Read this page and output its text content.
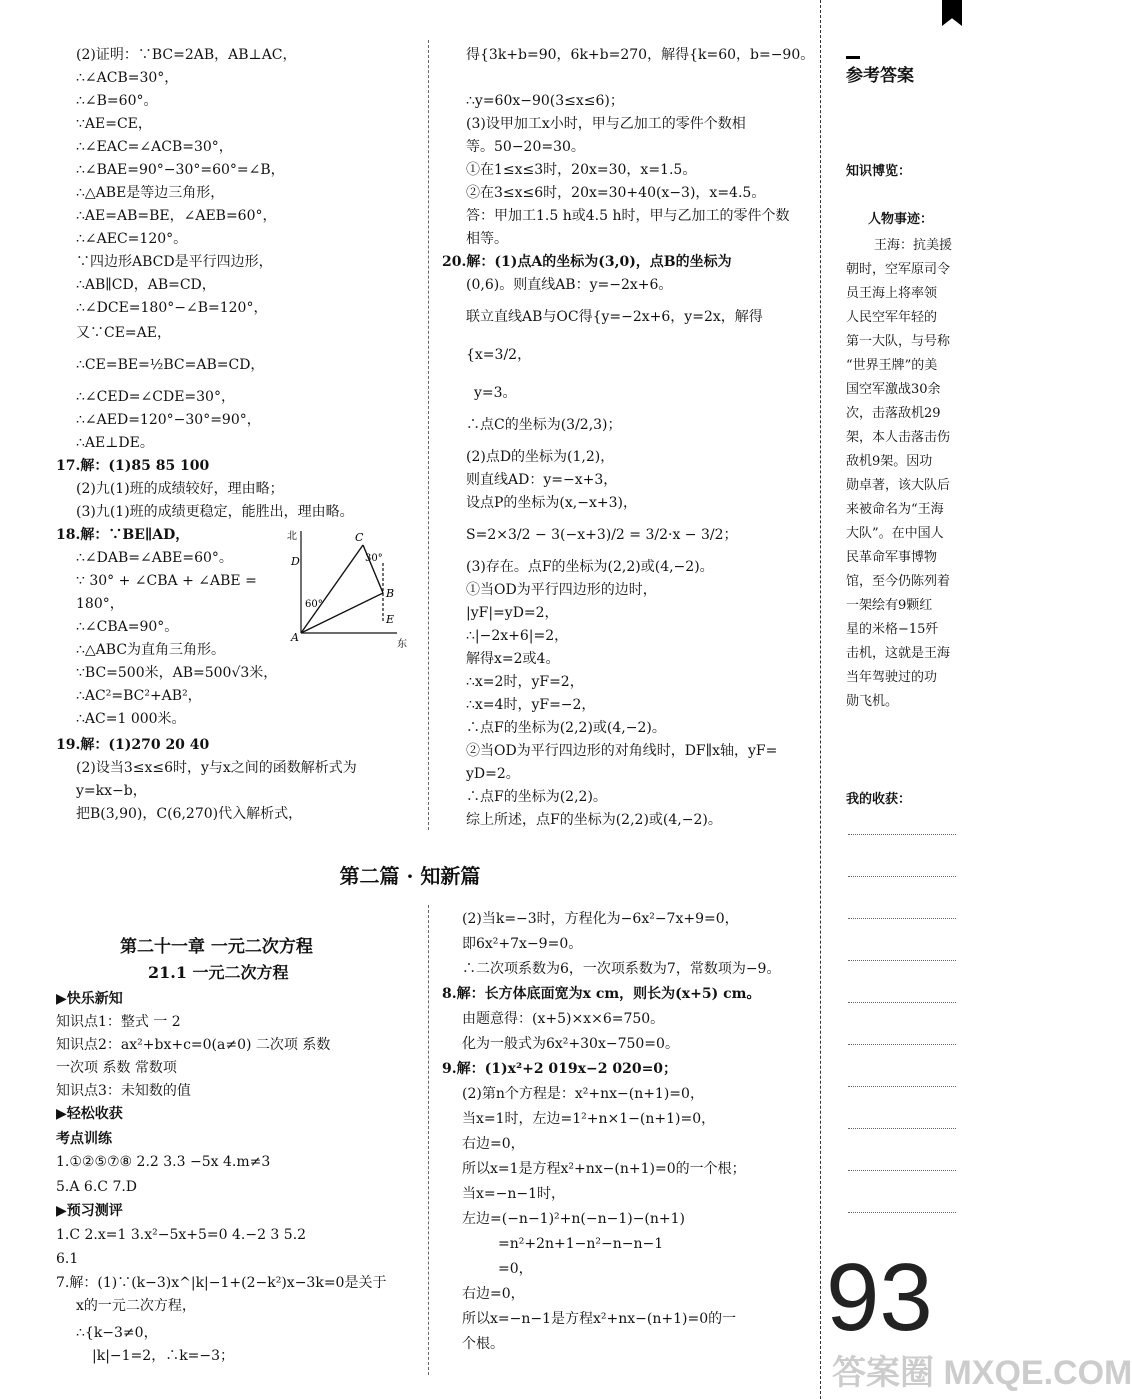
(2)证明：∵BC=2AB，AB⊥AC，
∴∠ACB=30°，
∴∠B=60°。
∵AE=CE，
∴∠EAC=∠ACB=30°，
∴∠BAE=90°−30°=60°=∠B，
∴△ABE是等边三角形，
∴AE=AB=BE，∠AEB=60°，
∴∠AEC=120°。
∵四边形ABCD是平行四边形，
∴AB∥CD，AB=CD，
∴∠DCE=180°−∠B=120°，
又∵CE=AE，
∴CE=BE=½BC=AB=CD，
∴∠CED=∠CDE=30°，
∴∠AED=120°−30°=90°，
∴AE⊥DE。
17.解：(1)85 85 100
(2)九(1)班的成绩较好，理由略；
(3)九(1)班的成绩更稳定，能胜出，理由略。
18.解：∵BE∥AD，
∴∠DAB=∠ABE=60°。
∵ 30° + ∠CBA + ∠ABE =
180°，
∴∠CBA=90°。
∴△ABC为直角三角形。
∵BC=500米，AB=500√3米，
∴AC²=BC²+AB²，
∴AC=1 000米。
19.解：(1)270 20 40
(2)设当3≤x≤6时，y与x之间的函数解析式为
y=kx−b，
把B(3,90)，C(6,270)代入解析式，
北
东
A
B
C
D
E
30°
60°
得{3k+b=90，6k+b=270，解得{k=60，b=−90。
∴y=60x−90(3≤x≤6)；
(3)设甲加工x小时，甲与乙加工的零件个数相
等。50−20=30。
①在1≤x≤3时，20x=30，x=1.5。
②在3≤x≤6时，20x=30+40(x−3)，x=4.5。
答：甲加工1.5 h或4.5 h时，甲与乙加工的零件个数
相等。
20.解：(1)点A的坐标为(3,0)，点B的坐标为
(0,6)。则直线AB：y=−2x+6。
联立直线AB与OC得{y=−2x+6，y=2x，解得
{x=3/2，
y=3。
∴点C的坐标为(3/2,3)；
(2)点D的坐标为(1,2)，
则直线AD：y=−x+3，
设点P的坐标为(x,−x+3)，
S=2×3/2 − 3(−x+3)/2 = 3/2·x − 3/2；
(3)存在。点F的坐标为(2,2)或(4,−2)。
①当OD为平行四边形的边时，
|yF|=yD=2，
∴|−2x+6|=2，
解得x=2或4。
∴x=2时，yF=2，
∴x=4时，yF=−2，
∴点F的坐标为(2,2)或(4,−2)。
②当OD为平行四边形的对角线时，DF∥x轴，yF=
yD=2。
∴点F的坐标为(2,2)。
综上所述，点F的坐标为(2,2)或(4,−2)。
第二篇 · 知新篇
第二十一章 一元二次方程
21.1 一元二次方程
▶快乐新知
知识点1：整式 一 2
知识点2：ax²+bx+c=0(a≠0) 二次项 系数
一次项 系数 常数项
知识点3：未知数的值
▶轻松收获
考点训练
1.①②⑤⑦⑧ 2.2 3.3 −5x 4.m≠3
5.A 6.C 7.D
▶预习测评
1.C 2.x=1 3.x²−5x+5=0 4.−2 3 5.2
6.1
7.解：(1)∵(k−3)x^|k|−1+(2−k²)x−3k=0是关于
x的一元二次方程，
∴{k−3≠0，
|k|−1=2，∴k=−3；
(2)当k=−3时，方程化为−6x²−7x+9=0，
即6x²+7x−9=0。
∴二次项系数为6，一次项系数为7，常数项为−9。
8.解：长方体底面宽为x cm，则长为(x+5) cm。
由题意得：(x+5)×x×6=750。
化为一般式为6x²+30x−750=0。
9.解：(1)x²+2 019x−2 020=0；
(2)第n个方程是：x²+nx−(n+1)=0，
当x=1时，左边=1²+n×1−(n+1)=0，
右边=0，
所以x=1是方程x²+nx−(n+1)=0的一个根；
当x=−n−1时，
左边=(−n−1)²+n(−n−1)−(n+1)
=n²+2n+1−n²−n−n−1
=0，
右边=0，
所以x=−n−1是方程x²+nx−(n+1)=0的一
个根。
参考答案
知识博览：
人物事迹：
王海：抗美援
朝时，空军原司令
员王海上将率领
人民空军年轻的
第一大队，与号称
“世界王牌”的美
国空军激战30余
次，击落敌机29
架，本人击落击伤
敌机9架。因功
勋卓著，该大队后
来被命名为“王海
大队”。在中国人
民革命军事博物
馆，至今仍陈列着
一架绘有9颗红
星的米格−15歼
击机，这就是王海
当年驾驶过的功
勋飞机。
我的收获：
93
答案圈 MXQE.COM
